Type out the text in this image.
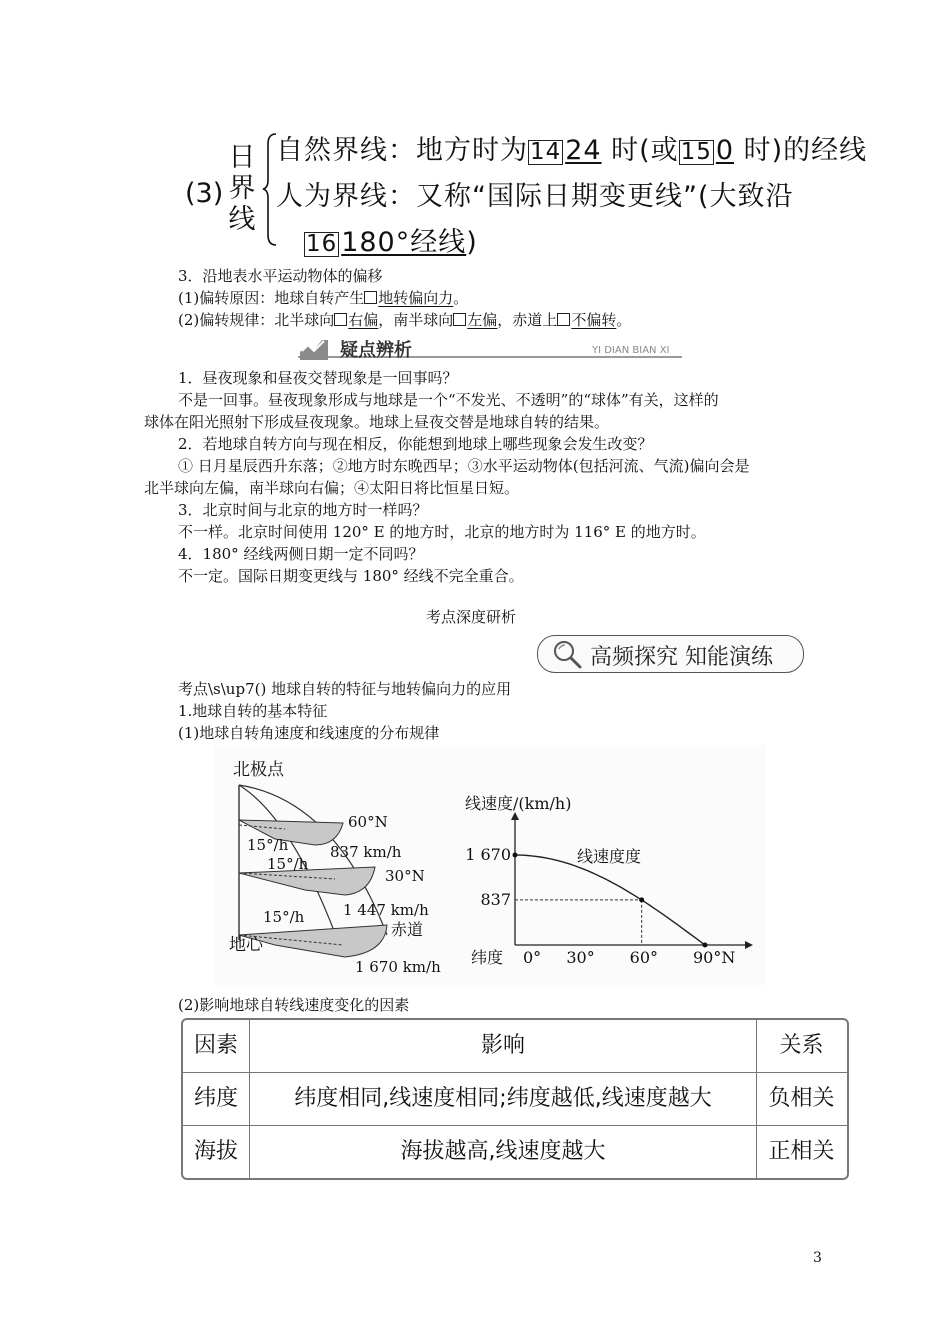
(3)
日
界
线
自然界线：地方时为14 24 时(或15 0 时)的经线
人为界线：又称“国际日期变更线”(大致沿
16 180°经线)
3．沿地表水平运动物体的偏移
(1)偏转原因：地球自转产生 地转偏向力。
(2)偏转规律：北半球向 右偏，南半球向 左偏，赤道上 不偏转。
疑点辨析	YI DIAN BIAN XI
1．昼夜现象和昼夜交替现象是一回事吗？
不是一回事。昼夜现象形成与地球是一个“不发光、不透明”的“球体”有关，这样的
球体在阳光照射下形成昼夜现象。地球上昼夜交替是地球自转的结果。
2．若地球自转方向与现在相反，你能想到地球上哪些现象会发生改变？
① 日月星辰西升东落；②地方时东晚西早；③水平运动物体(包括河流、气流)偏向会是
北半球向左偏，南半球向右偏；④太阳日将比恒星日短。
3．北京时间与北京的地方时一样吗？
不一样。北京时间使用 120° E 的地方时，北京的地方时为 116° E 的地方时。
4．180° 经线两侧日期一定不同吗？
不一定。国际日期变更线与 180° 经线不完全重合。
考点深度研析
高频探究 知能演练
考点\s\up7() 地球自转的特征与地转偏向力的应用
1.地球自转的基本特征
(1)地球自转角速度和线速度的分布规律
北极点
60°N
15°/h	837 km/h
15°/h
30°N
15°/h	1 447 km/h
赤道
地心
1 670 km/h
线速度/(km/h)
纬度
线速度度
0° 30° 60° 90°N
1 670
837
(2)影响地球自转线速度变化的因素
因素	影响	关系
纬度	纬度相同,线速度相同;纬度越低,线速度越大	负相关
海拔	海拔越高,线速度越大	正相关
3
